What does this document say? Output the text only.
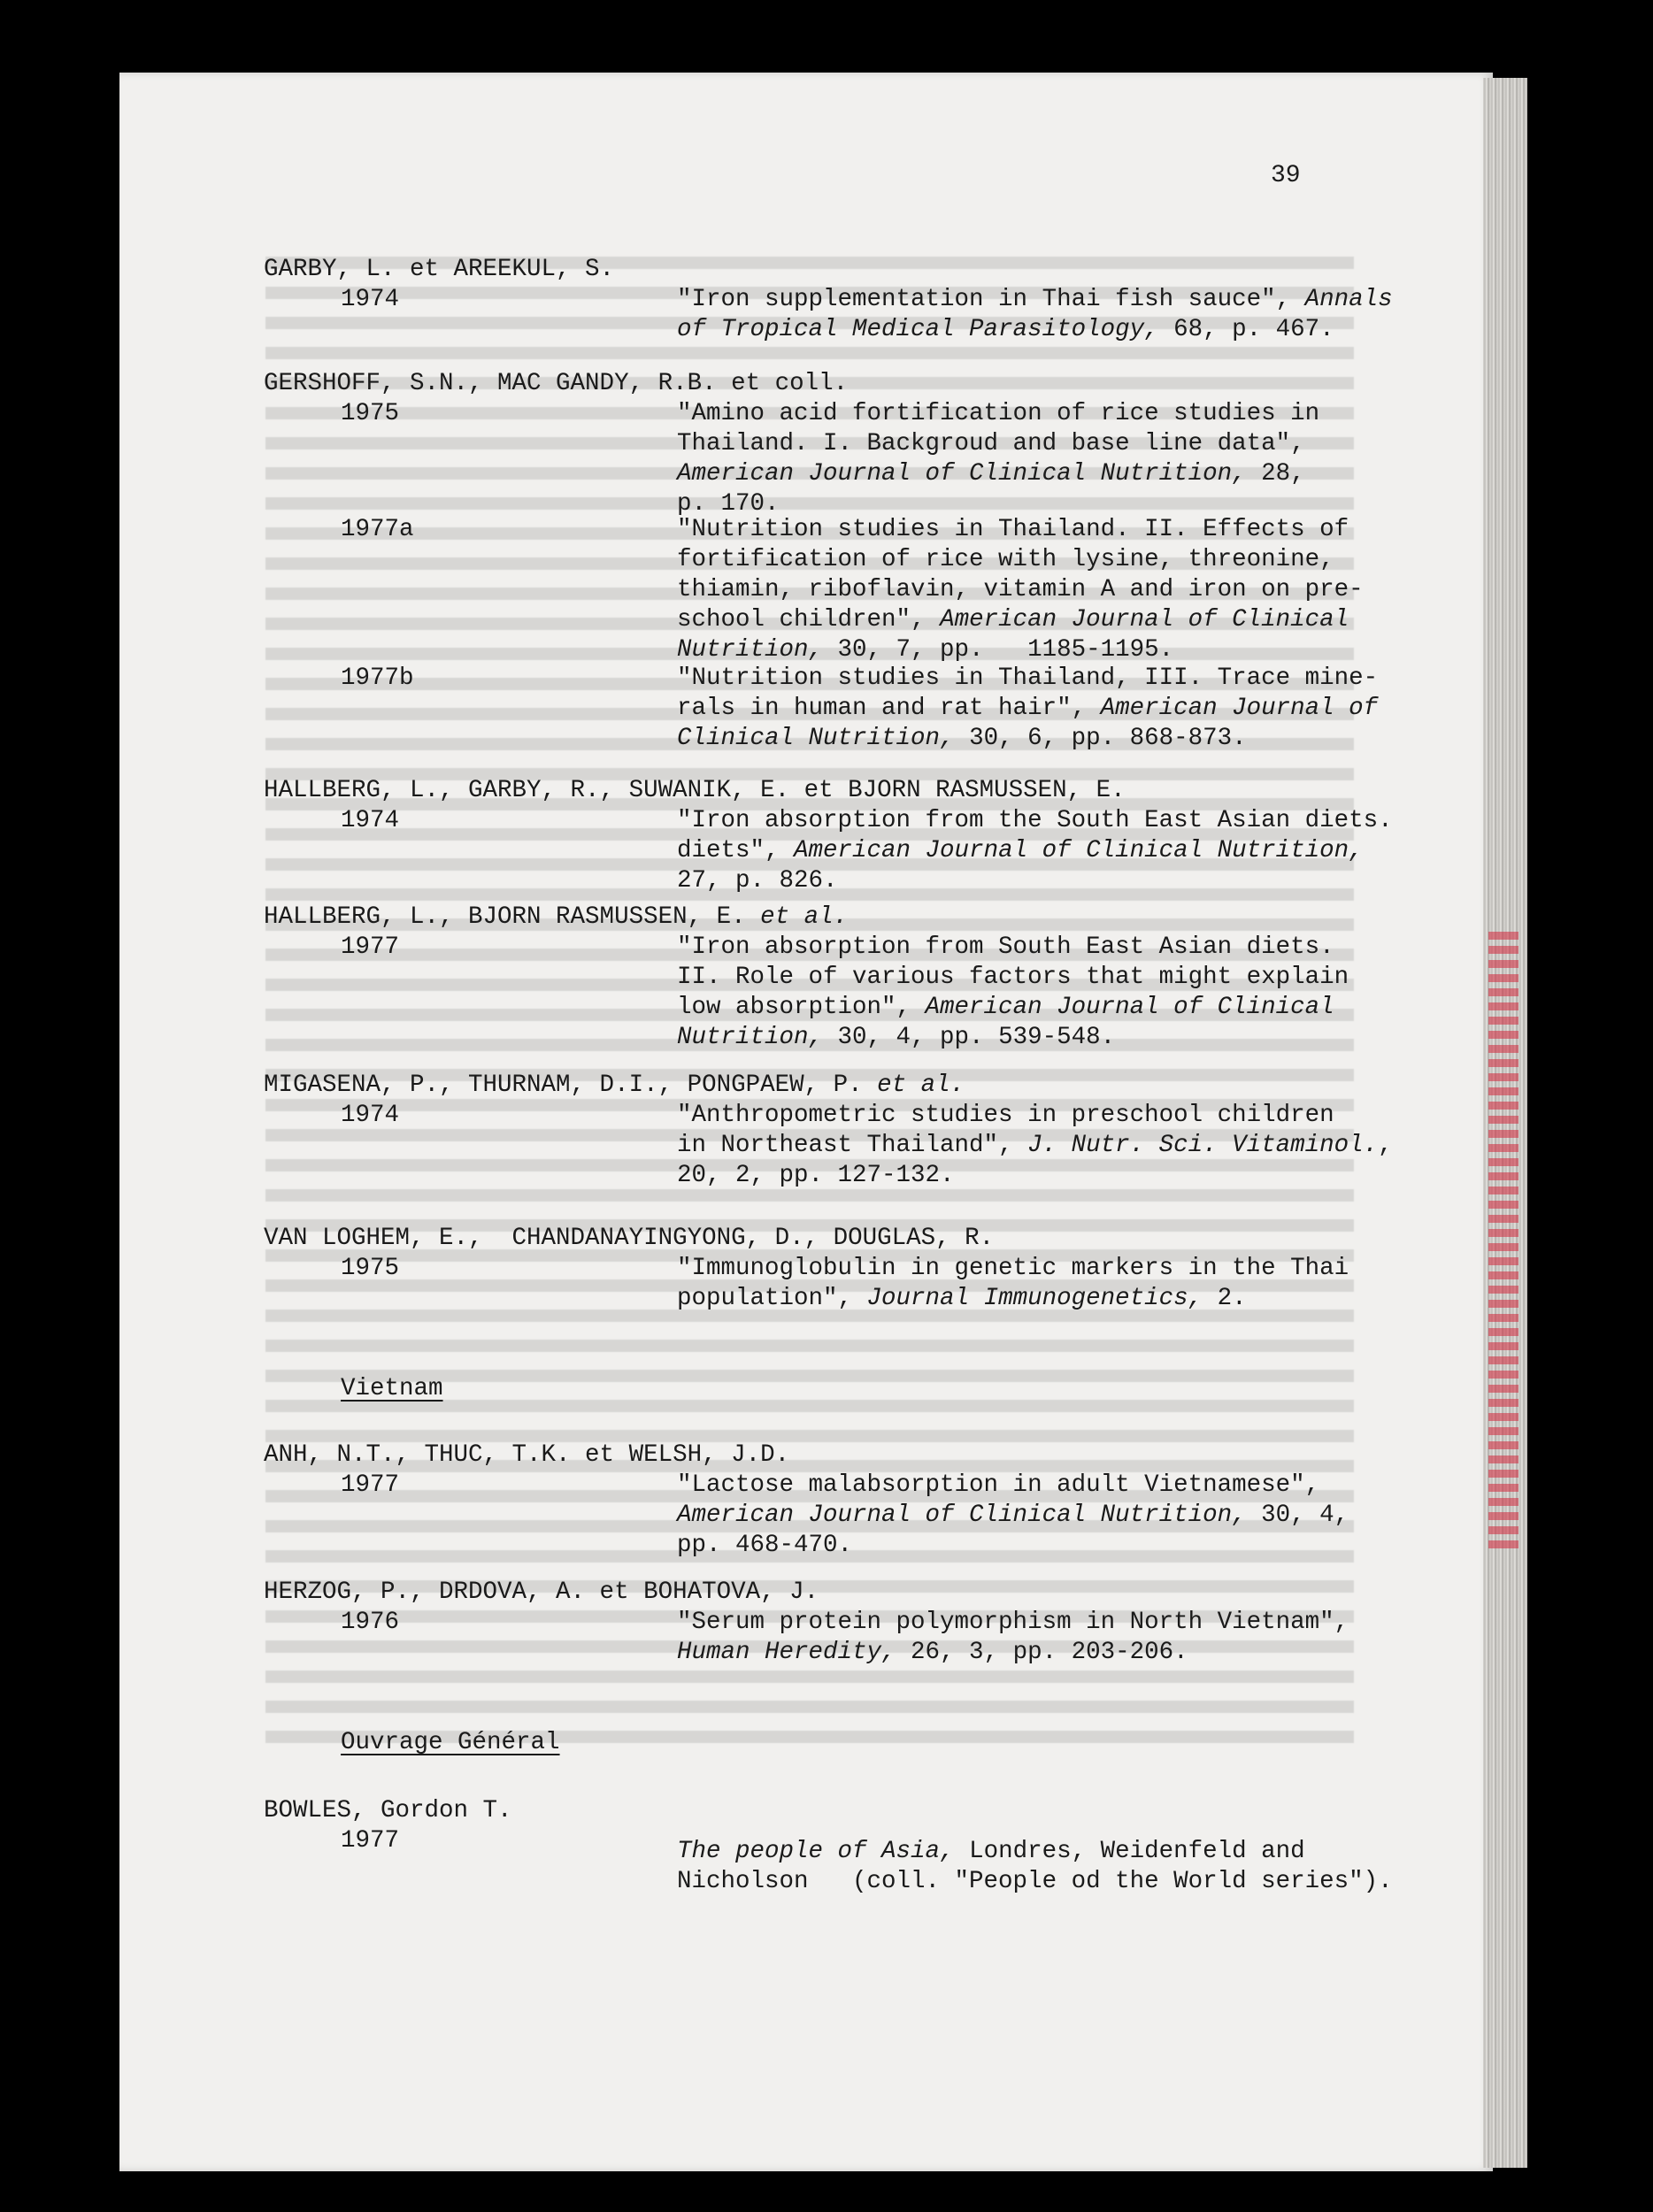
39
GARBY, L. et AREEKUL, S.
1974	"Iron supplementation in Thai fish sauce", Annals
of Tropical Medical Parasitology, 68, p. 467.
GERSHOFF, S.N., MAC GANDY, R.B. et coll.
1975	"Amino acid fortification of rice studies in
Thailand. I. Backgroud and base line data",
American Journal of Clinical Nutrition, 28,
p. 170.
1977a	"Nutrition studies in Thailand. II. Effects of
fortification of rice with lysine, threonine,
thiamin, riboflavin, vitamin A and iron on pre-
school children", American Journal of Clinical
Nutrition, 30, 7, pp.   1185-1195.
1977b	"Nutrition studies in Thailand, III. Trace mine-
rals in human and rat hair", American Journal of
Clinical Nutrition, 30, 6, pp. 868-873.
HALLBERG, L., GARBY, R., SUWANIK, E. et BJORN RASMUSSEN, E.
1974	"Iron absorption from the South East Asian diets.
diets", American Journal of Clinical Nutrition,
27, p. 826.
HALLBERG, L., BJORN RASMUSSEN, E. et al.
1977	"Iron absorption from South East Asian diets.
II. Role of various factors that might explain
low absorption", American Journal of Clinical
Nutrition, 30, 4, pp. 539-548.
MIGASENA, P., THURNAM, D.I., PONGPAEW, P. et al.
1974	"Anthropometric studies in preschool children
in Northeast Thailand", J. Nutr. Sci. Vitaminol.,
20, 2, pp. 127-132.
VAN LOGHEM, E.,  CHANDANAYINGYONG, D., DOUGLAS, R.
1975	"Immunoglobulin in genetic markers in the Thai
population", Journal Immunogenetics, 2.
Vietnam
ANH, N.T., THUC, T.K. et WELSH, J.D.
1977	"Lactose malabsorption in adult Vietnamese",
American Journal of Clinical Nutrition, 30, 4,
pp. 468-470.
HERZOG, P., DRDOVA, A. et BOHATOVA, J.
1976	"Serum protein polymorphism in North Vietnam",
Human Heredity, 26, 3, pp. 203-206.
Ouvrage Général
BOWLES, Gordon T.
1977	The people of Asia, Londres, Weidenfeld and
Nicholson   (coll. "People od the World series").
